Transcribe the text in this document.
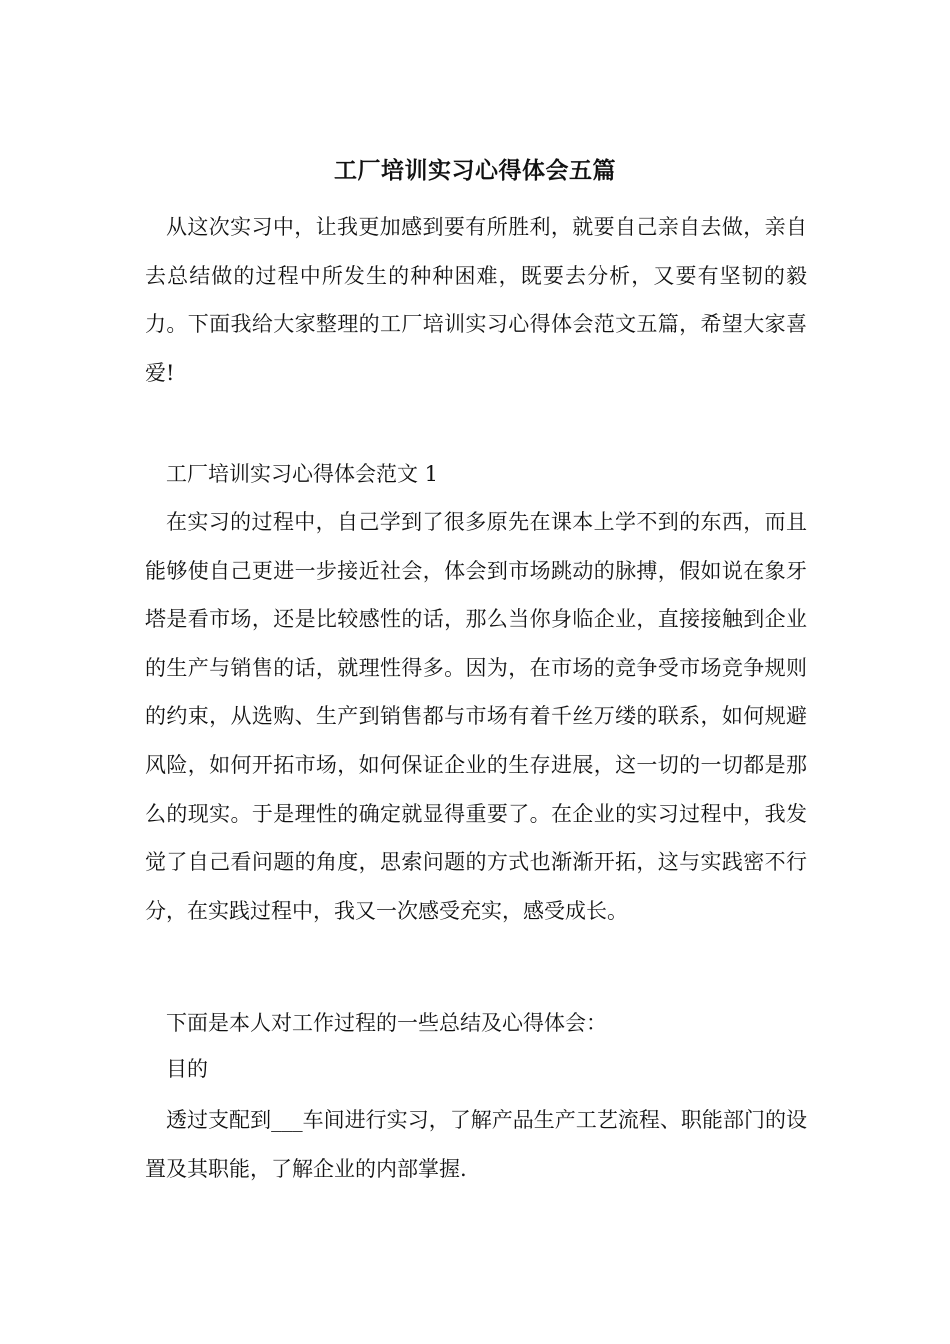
工厂培训实习心得体会五篇

从这次实习中，让我更加感到要有所胜利，就要自己亲自去做，亲自去总结做的过程中所发生的种种困难，既要去分析，又要有坚韧的毅力。下面我给大家整理的工厂培训实习心得体会范文五篇，希望大家喜爱!

工厂培训实习心得体会范文 1

在实习的过程中，自己学到了很多原先在课本上学不到的东西，而且能够使自己更进一步接近社会，体会到市场跳动的脉搏，假如说在象牙塔是看市场，还是比较感性的话，那么当你身临企业，直接接触到企业的生产与销售的话，就理性得多。因为，在市场的竞争受市场竞争规则的约束，从选购、生产到销售都与市场有着千丝万缕的联系，如何规避风险，如何开拓市场，如何保证企业的生存进展，这一切的一切都是那么的现实。于是理性的确定就显得重要了。在企业的实习过程中，我发觉了自己看问题的角度，思索问题的方式也渐渐开拓，这与实践密不行分，在实践过程中，我又一次感受充实，感受成长。

下面是本人对工作过程的一些总结及心得体会：

目的

透过支配到___车间进行实习，了解产品生产工艺流程、职能部门的设置及其职能，了解企业的内部掌握.
